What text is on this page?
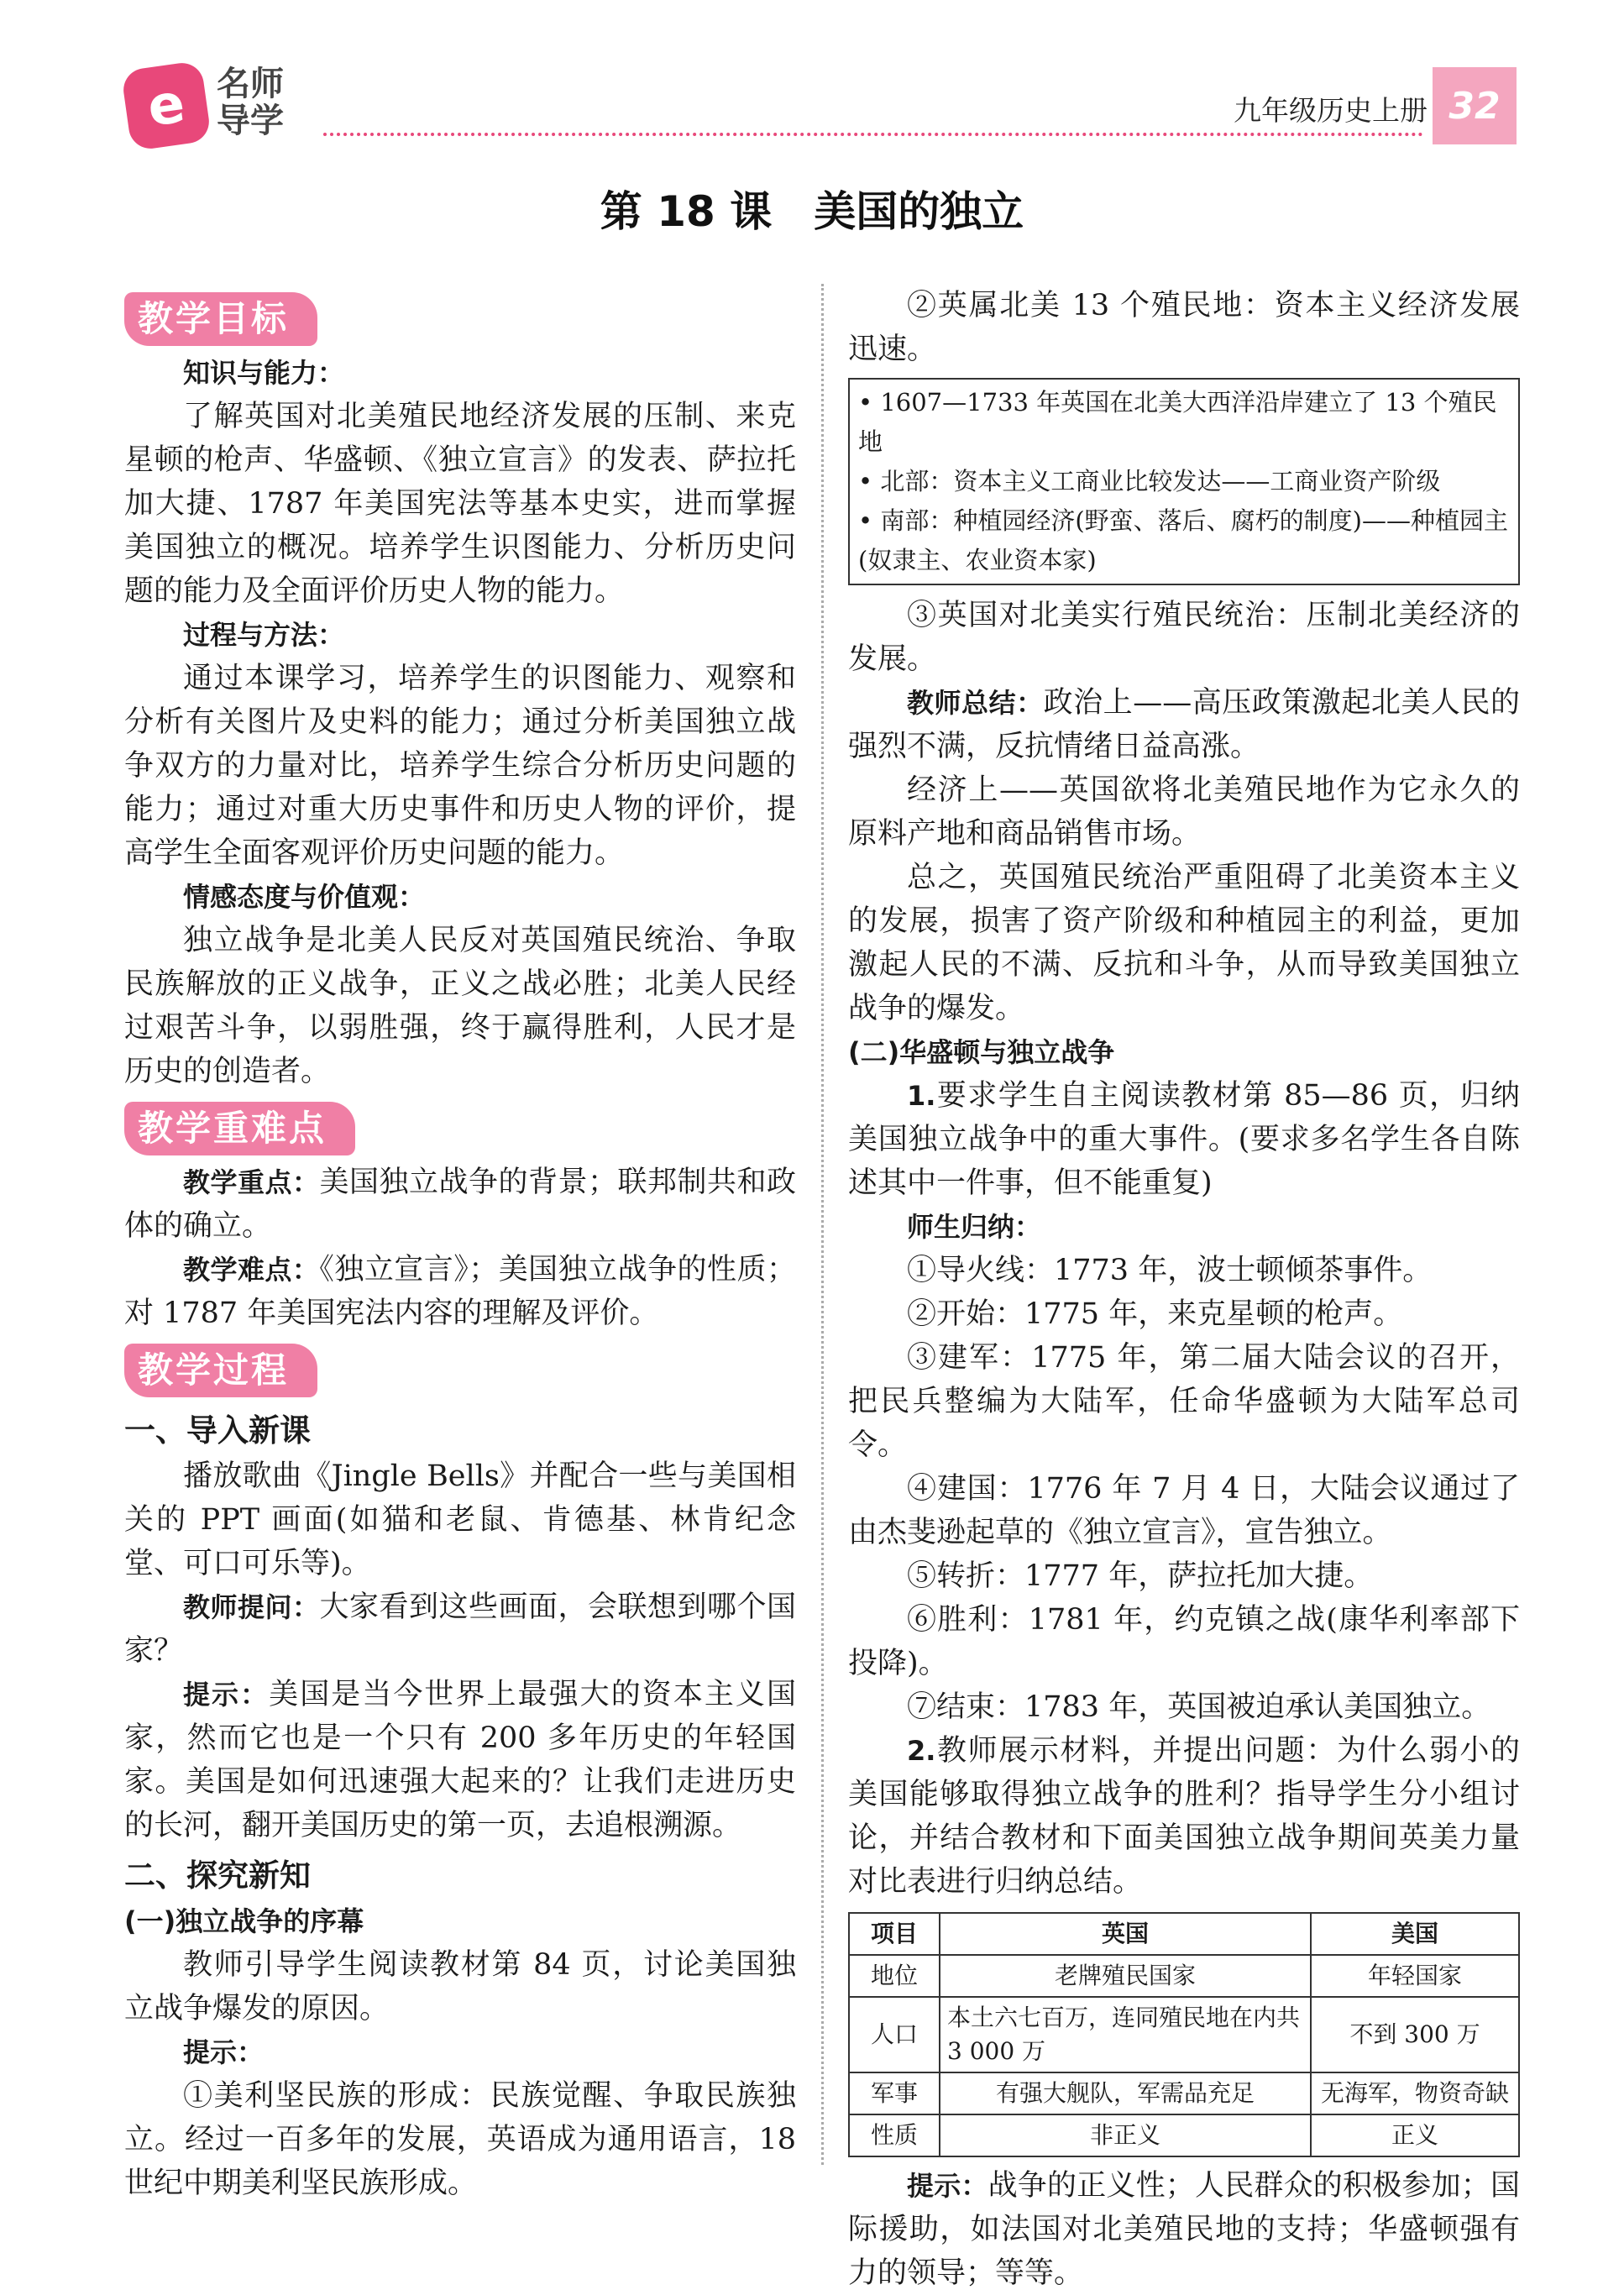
e 名师
导学	九年级历史上册 32
第 18 课　美国的独立
教学目标

知识与能力：

了解英国对北美殖民地经济发展的压制、来克星顿的枪声、华盛顿、《独立宣言》的发表、萨拉托加大捷、1787 年美国宪法等基本史实，进而掌握美国独立的概况。培养学生识图能力、分析历史问题的能力及全面评价历史人物的能力。

过程与方法：

通过本课学习，培养学生的识图能力、观察和分析有关图片及史料的能力；通过分析美国独立战争双方的力量对比，培养学生综合分析历史问题的能力；通过对重大历史事件和历史人物的评价，提高学生全面客观评价历史问题的能力。

情感态度与价值观：

独立战争是北美人民反对英国殖民统治、争取民族解放的正义战争，正义之战必胜；北美人民经过艰苦斗争，以弱胜强，终于赢得胜利，人民才是历史的创造者。

教学重难点

教学重点：美国独立战争的背景；联邦制共和政体的确立。

教学难点：《独立宣言》；美国独立战争的性质；对 1787 年美国宪法内容的理解及评价。

教学过程
一、导入新课

播放歌曲《Jingle Bells》并配合一些与美国相关的 PPT 画面(如猫和老鼠、肯德基、林肯纪念堂、可口可乐等)。

教师提问：大家看到这些画面，会联想到哪个国家？

提示：美国是当今世界上最强大的资本主义国家，然而它也是一个只有 200 多年历史的年轻国家。美国是如何迅速强大起来的？让我们走进历史的长河，翻开美国历史的第一页，去追根溯源。

二、探究新知
(一)独立战争的序幕

教师引导学生阅读教材第 84 页，讨论美国独立战争爆发的原因。

提示：

①美利坚民族的形成：民族觉醒、争取民族独立。经过一百多年的发展，英语成为通用语言，18 世纪中期美利坚民族形成。

②英属北美 13 个殖民地：资本主义经济发展迅速。

• 1607—1733 年英国在北美大西洋沿岸建立了 13 个殖民地
• 北部：资本主义工商业比较发达——工商业资产阶级
• 南部：种植园经济(野蛮、落后、腐朽的制度)——种植园主(奴隶主、农业资本家)

③英国对北美实行殖民统治：压制北美经济的发展。

教师总结：政治上——高压政策激起北美人民的强烈不满，反抗情绪日益高涨。

经济上——英国欲将北美殖民地作为它永久的原料产地和商品销售市场。

总之，英国殖民统治严重阻碍了北美资本主义的发展，损害了资产阶级和种植园主的利益，更加激起人民的不满、反抗和斗争，从而导致美国独立战争的爆发。

(二)华盛顿与独立战争

1.要求学生自主阅读教材第 85—86 页，归纳美国独立战争中的重大事件。(要求多名学生各自陈述其中一件事，但不能重复)

师生归纳：

①导火线：1773 年，波士顿倾茶事件。

②开始：1775 年，来克星顿的枪声。

③建军：1775 年，第二届大陆会议的召开，把民兵整编为大陆军，任命华盛顿为大陆军总司令。

④建国：1776 年 7 月 4 日，大陆会议通过了由杰斐逊起草的《独立宣言》，宣告独立。

⑤转折：1777 年，萨拉托加大捷。

⑥胜利：1781 年，约克镇之战(康华利率部下投降)。

⑦结束：1783 年，英国被迫承认美国独立。

2.教师展示材料，并提出问题：为什么弱小的美国能够取得独立战争的胜利？指导学生分小组讨论，并结合教材和下面美国独立战争期间英美力量对比表进行归纳总结。

项目	英国	美国
地位	老牌殖民国家	年轻国家
人口	本土六七百万，连同殖民地在内共 3 000 万	不到 300 万
军事	有强大舰队，军需品充足	无海军，物资奇缺
性质	非正义	正义

提示：战争的正义性；人民群众的积极参加；国际援助，如法国对北美殖民地的支持；华盛顿强有力的领导；等等。
